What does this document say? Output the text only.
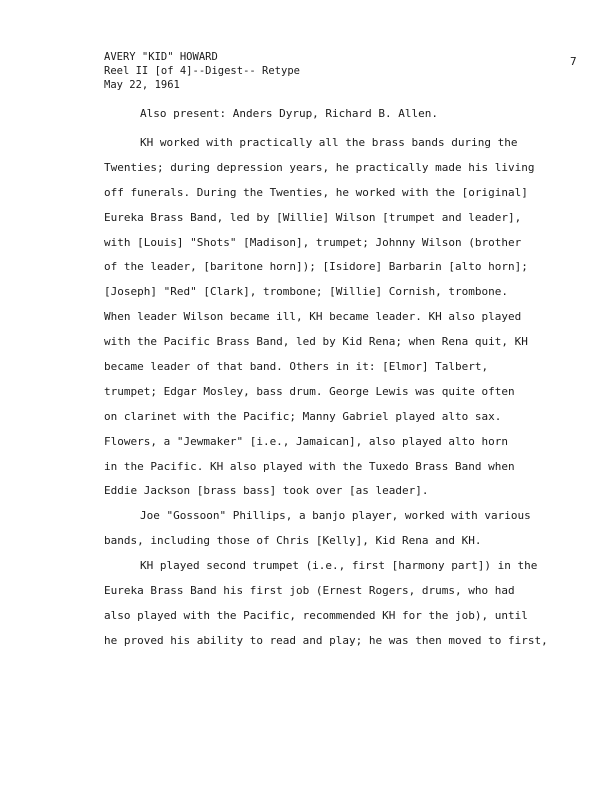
AVERY "KID" HOWARD
Reel II [of 4]--Digest-- Retype
May 22, 1961
7
Also present: Anders Dyrup, Richard B. Allen.
KH worked with practically all the brass bands during the
Twenties; during depression years, he practically made his living
off funerals. During the Twenties, he worked with the [original]
Eureka Brass Band, led by [Willie] Wilson [trumpet and leader],
with [Louis] "Shots" [Madison], trumpet; Johnny Wilson (brother
of the leader, [baritone horn]); [Isidore] Barbarin [alto horn];
[Joseph] "Red" [Clark], trombone; [Willie] Cornish, trombone.
When leader Wilson became ill, KH became leader. KH also played
with the Pacific Brass Band, led by Kid Rena; when Rena quit, KH
became leader of that band. Others in it: [Elmor] Talbert,
trumpet; Edgar Mosley, bass drum. George Lewis was quite often
on clarinet with the Pacific; Manny Gabriel played alto sax.
Flowers, a "Jewmaker" [i.e., Jamaican], also played alto horn
in the Pacific. KH also played with the Tuxedo Brass Band when
Eddie Jackson [brass bass] took over [as leader].
Joe "Gossoon" Phillips, a banjo player, worked with various
bands, including those of Chris [Kelly], Kid Rena and KH.
KH played second trumpet (i.e., first [harmony part]) in the
Eureka Brass Band his first job (Ernest Rogers, drums, who had
also played with the Pacific, recommended KH for the job), until
he proved his ability to read and play; he was then moved to first,
